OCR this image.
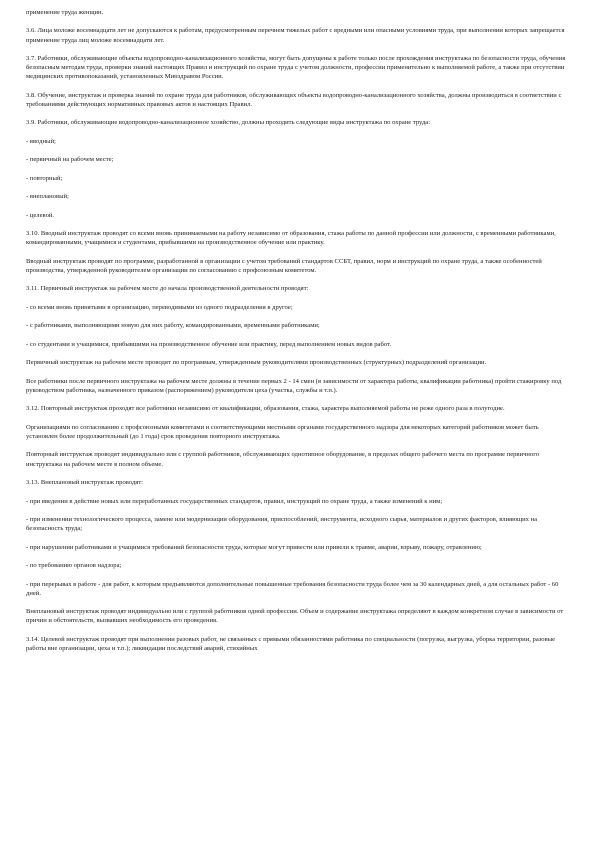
применение труда женщин.

3.6. Лица моложе восемнадцати лет не допускаются к работам, предусмотренным перечнем тяжелых работ с вредными или опасными условиями труда, при выполнении которых запрещается применение труда лиц моложе восемнадцати лет.

3.7. Работники, обслуживающие объекты водопроводно-канализационного хозяйства, могут быть допущены к работе только после прохождения инструктажа по безопасности труда, обучения безопасным методам труда, проверки знаний настоящих Правил и инструкций по охране труда с учетом должности, профессии применительно к выполняемой работе, а также при отсутствии медицинских противопоказаний, установленных Минздравом России.

3.8. Обучение, инструктаж и проверка знаний по охране труда для работников, обслуживающих объекты водопроводно-канализационного хозяйства, должны производиться в соответствии с требованиями действующих нормативных правовых актов и настоящих Правил.

3.9. Работники, обслуживающие водопроводно-канализационное хозяйство, должны проходить следующие виды инструктажа по охране труда:

- вводный;

- первичный на рабочем месте;

- повторный;

- внеплановый;

- целевой.

3.10. Вводный инструктаж проводят со всеми вновь принимаемыми на работу независимо от образования, стажа работы по данной профессии или должности, с временными работниками, командированными, учащимися и студентами, прибывшими на производственное обучение или практику.

Вводный инструктаж проводят по программе, разработанной в организации с учетом требований стандартов ССБТ, правил, норм и инструкций по охране труда, а также особенностей производства, утвержденной руководителем организации по согласованию с профсоюзным комитетом.

3.11. Первичный инструктаж на рабочем месте до начала производственной деятельности проводят:

- со всеми вновь принятыми в организацию, переводимыми из одного подразделения в другое;

- с работниками, выполняющими новую для них работу, командированными, временными работниками;

- со студентами и учащимися, прибывшими на производственное обучение или практику, перед выполнением новых видов работ.

Первичный инструктаж на рабочем месте проводят по программам, утвержденным руководителями производственных (структурных) подразделений организации.

Все работники после первичного инструктажа на рабочем месте должны в течение первых 2 - 14 смен (в зависимости от характера работы, квалификации работника) пройти стажировку под руководством работника, назначенного приказом (распоряжением) руководителя цеха (участка, службы и т.п.).

3.12. Повторный инструктаж проходят все работники независимо от квалификации, образования, стажа, характера выполняемой работы не реже одного раза в полугодие.

Организациями по согласованию с профсоюзными комитетами и соответствующими местными органами государственного надзора для некоторых категорий работников может быть установлен более продолжительный (до 1 года) срок проведения повторного инструктажа.

Повторный инструктаж проводят индивидуально или с группой работников, обслуживающих однотипное оборудование, в пределах общего рабочего места по программе первичного инструктажа на рабочем месте в полном объеме.

3.13. Внеплановый инструктаж проводят:

- при введении в действие новых или переработанных государственных стандартов, правил, инструкций по охране труда, а также изменений к ним;

- при изменении технологического процесса, замене или модернизации оборудования, приспособлений, инструмента, исходного сырья, материалов и других факторов, влияющих на безопасность труда;

- при нарушении работниками и учащимися требований безопасности труда, которые могут привести или привели к травме, аварии, взрыву, пожару, отравлению;

- по требованию органов надзора;

- при перерывах в работе - для работ, к которым предъявляются дополнительные повышенные требования безопасности труда более чем за 30 календарных дней, а для остальных работ - 60 дней.

Внеплановый инструктаж проводят индивидуально или с группой работников одной профессии. Объем и содержание инструктажа определяют в каждом конкретном случае в зависимости от причин и обстоятельств, вызвавших необходимость его проведения.

3.14. Целевой инструктаж проводят при выполнении разовых работ, не связанных с прямыми обязанностями работника по специальности (погрузка, выгрузка, уборка территории, разовые работы вне организации, цеха и т.п.); ликвидации последствий аварий, стихийных
